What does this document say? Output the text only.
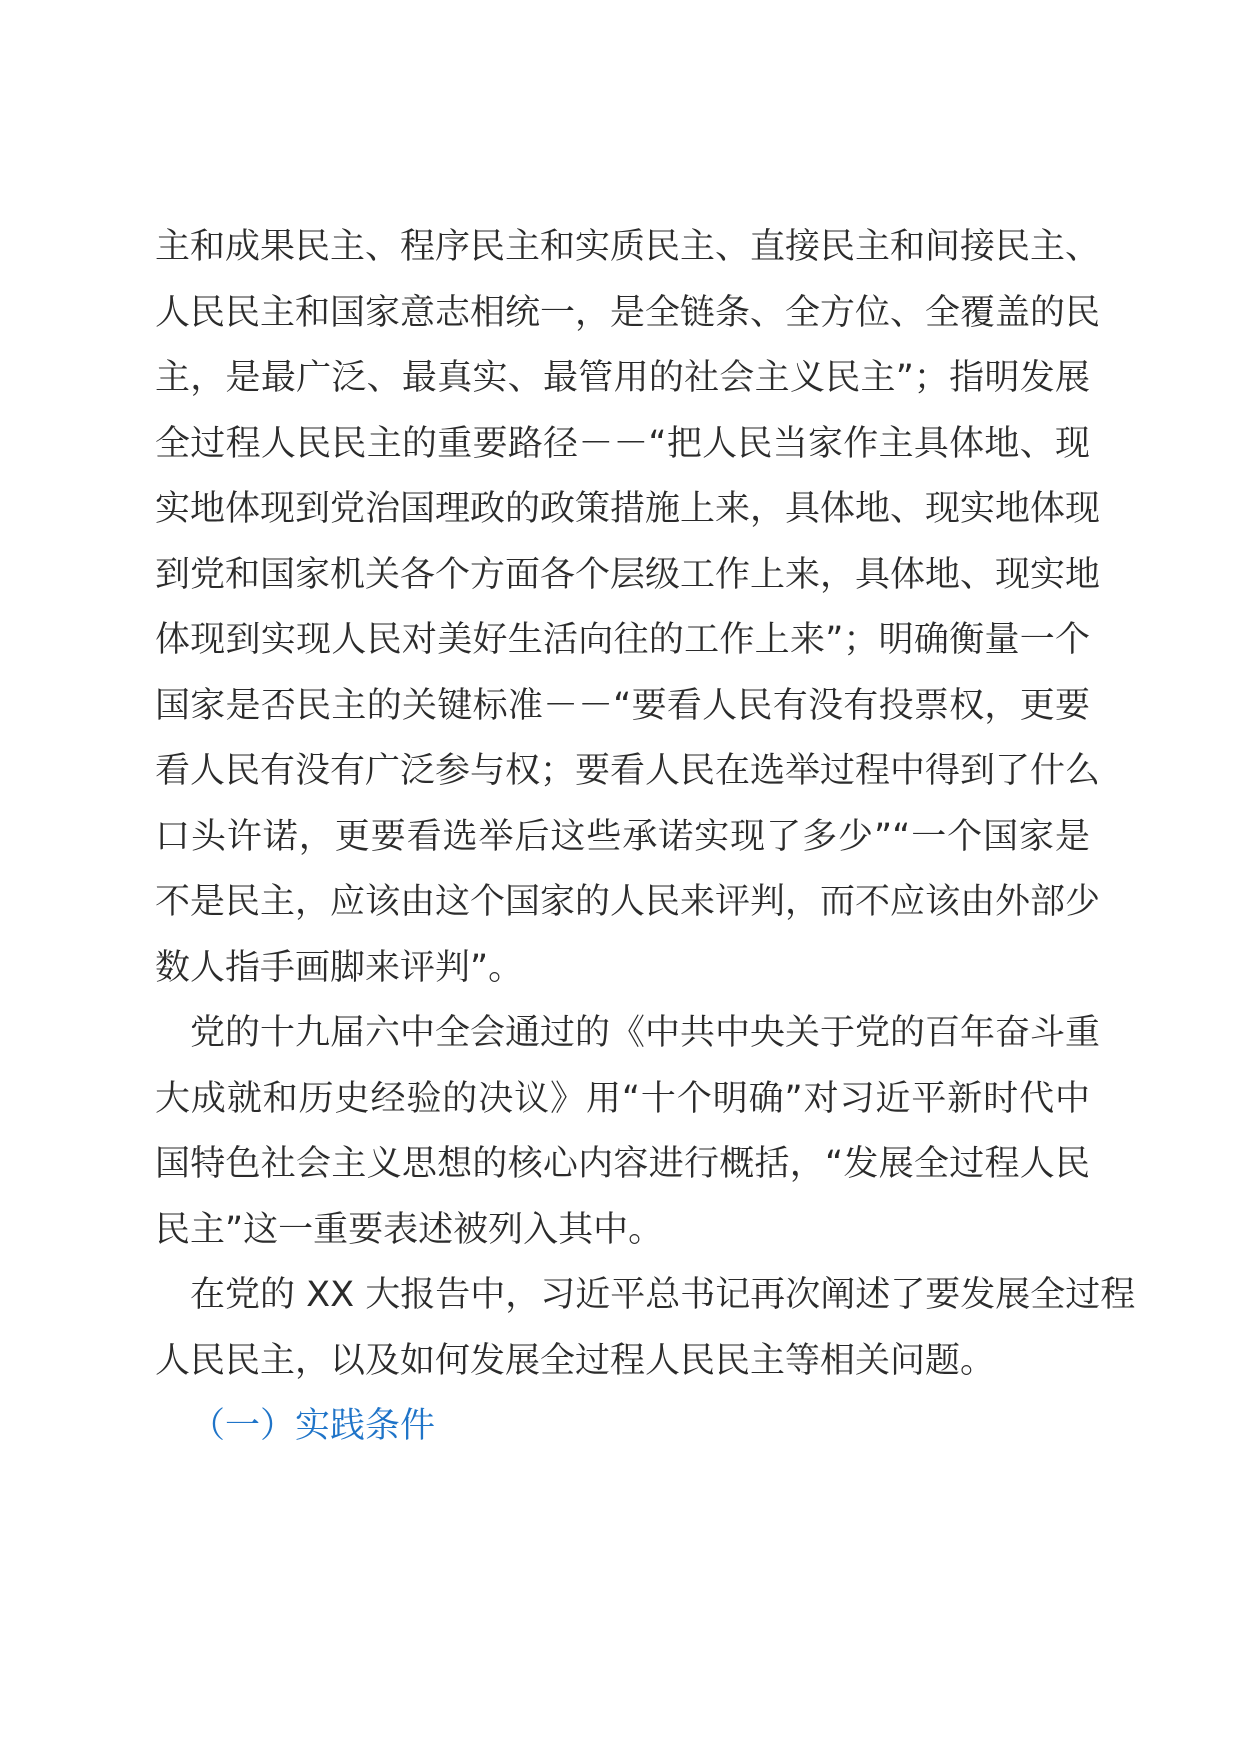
主和成果民主、程序民主和实质民主、直接民主和间接民主、
人民民主和国家意志相统一，是全链条、全方位、全覆盖的民
主，是最广泛、最真实、最管用的社会主义民主”；指明发展
全过程人民民主的重要路径－－“把人民当家作主具体地、现
实地体现到党治国理政的政策措施上来，具体地、现实地体现
到党和国家机关各个方面各个层级工作上来，具体地、现实地
体现到实现人民对美好生活向往的工作上来”；明确衡量一个
国家是否民主的关键标准－－“要看人民有没有投票权，更要
看人民有没有广泛参与权；要看人民在选举过程中得到了什么
口头许诺，更要看选举后这些承诺实现了多少”“一个国家是
不是民主，应该由这个国家的人民来评判，而不应该由外部少
数人指手画脚来评判”。
党的十九届六中全会通过的《中共中央关于党的百年奋斗重
大成就和历史经验的决议》用“十个明确”对习近平新时代中
国特色社会主义思想的核心内容进行概括，“发展全过程人民
民主”这一重要表述被列入其中。
在党的 XX 大报告中，习近平总书记再次阐述了要发展全过程
人民民主，以及如何发展全过程人民民主等相关问题。
（一）实践条件
